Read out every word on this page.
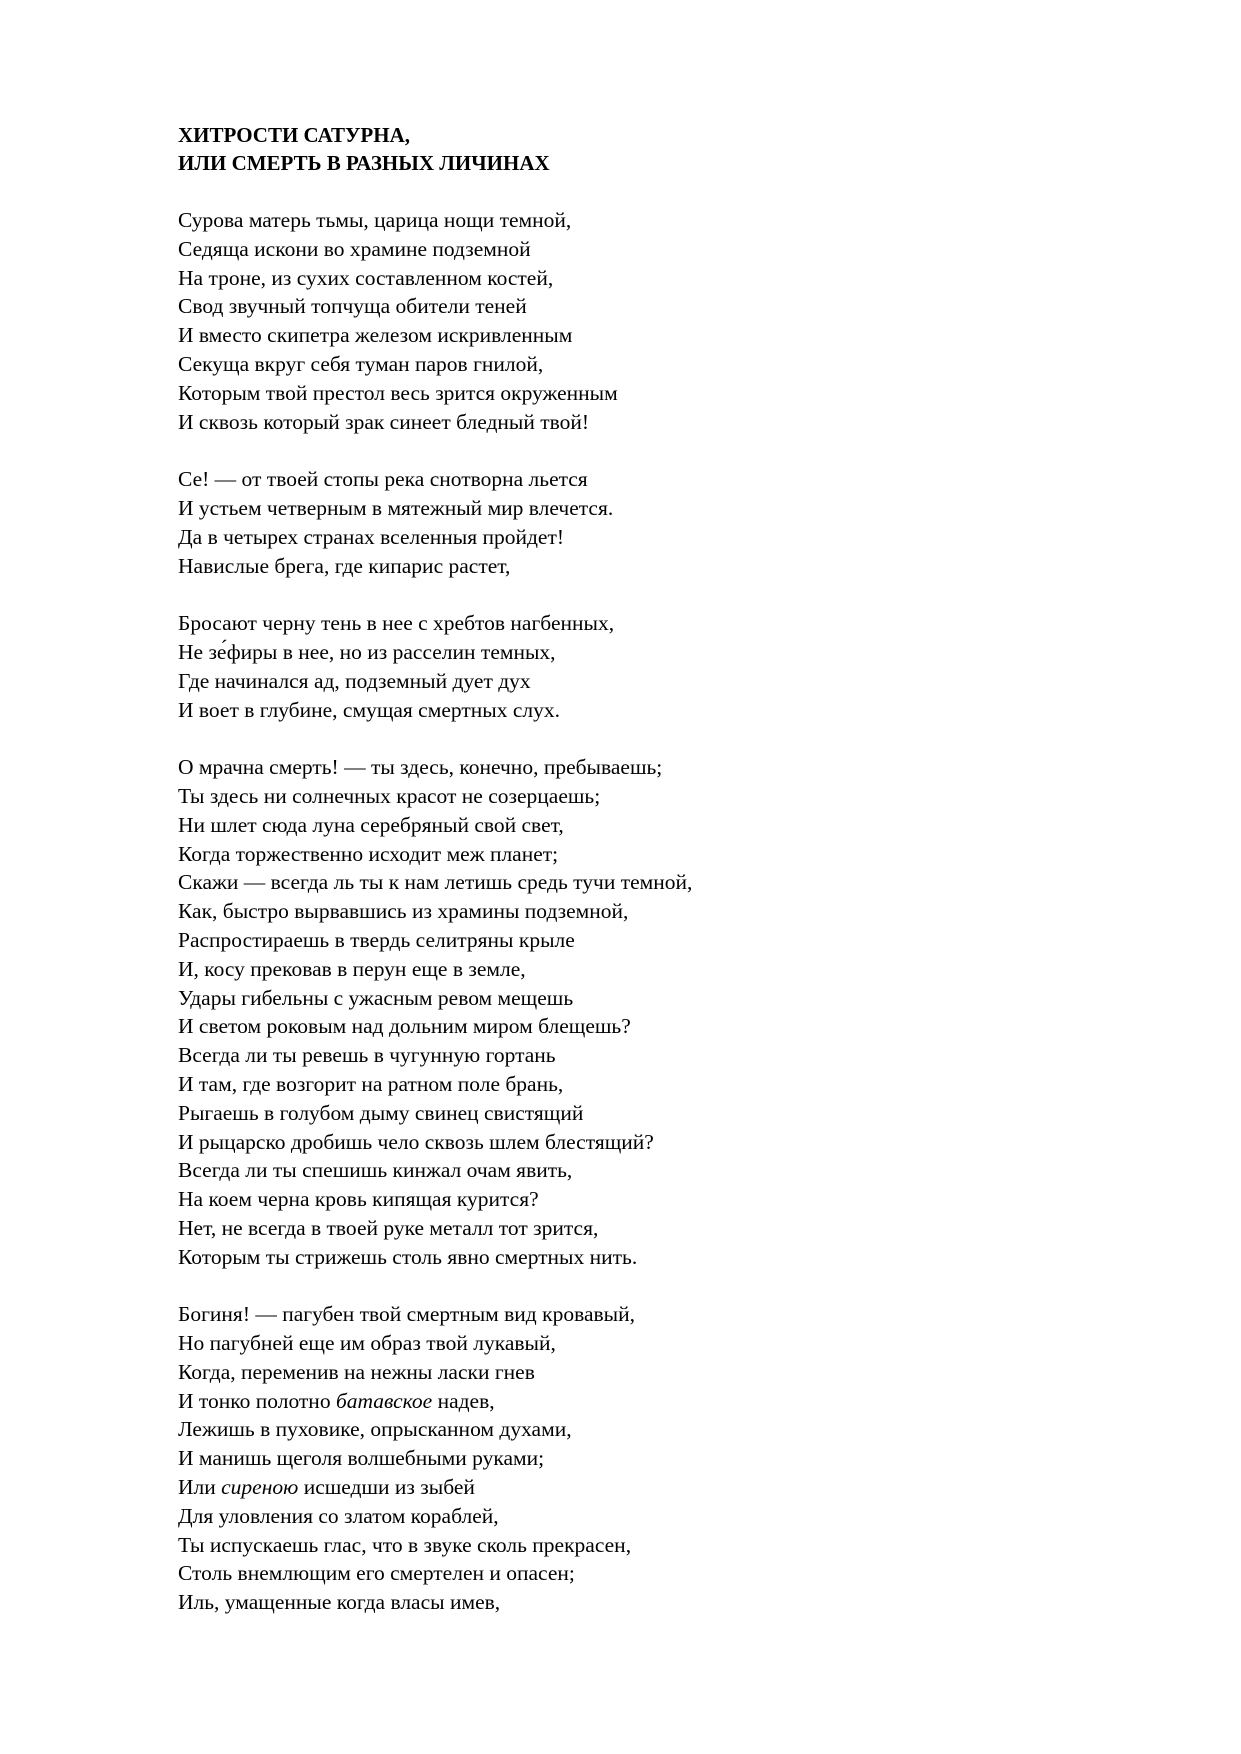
ХИТРОСТИ САТУРНА,
ИЛИ СМЕРТЬ В РАЗНЫХ ЛИЧИНАХ
Сурова матерь тьмы, царица нощи темной,
Седяща искони во храмине подземной
На троне, из сухих составленном костей,
Свод звучный топчуща обители теней
И вместо скипетра железом искривленным
Секуща вкруг себя туман паров гнилой,
Которым твой престол весь зрится окруженным
И сквозь который зрак синеет бледный твой!
Се! — от твоей стопы река снотворна льется
И устьем четверным в мятежный мир влечется.
Да в четырех странах вселенныя пройдет!
Навислые брега, где кипарис растет,
Бросают черну тень в нее с хребтов нагбенных,
Не зе́фиры в нее, но из расселин темных,
Где начинался ад, подземный дует дух
И воет в глубине, смущая смертных слух.
О мрачна смерть! — ты здесь, конечно, пребываешь;
Ты здесь ни солнечных красот не созерцаешь;
Ни шлет сюда луна серебряный свой свет,
Когда торжественно исходит меж планет;
Скажи — всегда ль ты к нам летишь средь тучи темной,
Как, быстро вырвавшись из храмины подземной,
Распростираешь в твердь селитряны крыле
И, косу прековав в перун еще в земле,
Удары гибельны с ужасным ревом мещешь
И светом роковым над дольним миром блещешь?
Всегда ли ты ревешь в чугунную гортань
И там, где возгорит на ратном поле брань,
Рыгаешь в голубом дыму свинец свистящий
И рыцарско дробишь чело сквозь шлем блестящий?
Всегда ли ты спешишь кинжал очам явить,
На коем черна кровь кипящая курится?
Нет, не всегда в твоей руке металл тот зрится,
Которым ты стрижешь столь явно смертных нить.
Богиня! — пагубен твой смертным вид кровавый,
Но пагубней еще им образ твой лукавый,
Когда, переменив на нежны ласки гнев
И тонко полотно батавское надев,
Лежишь в пуховике, опрысканном духами,
И манишь щеголя волшебными руками;
Или сиреною исшедши из зыбей
Для уловления со златом кораблей,
Ты испускаешь глас, что в звуке сколь прекрасен,
Столь внемлющим его смертелен и опасен;
Иль, умащенные когда власы имев,
